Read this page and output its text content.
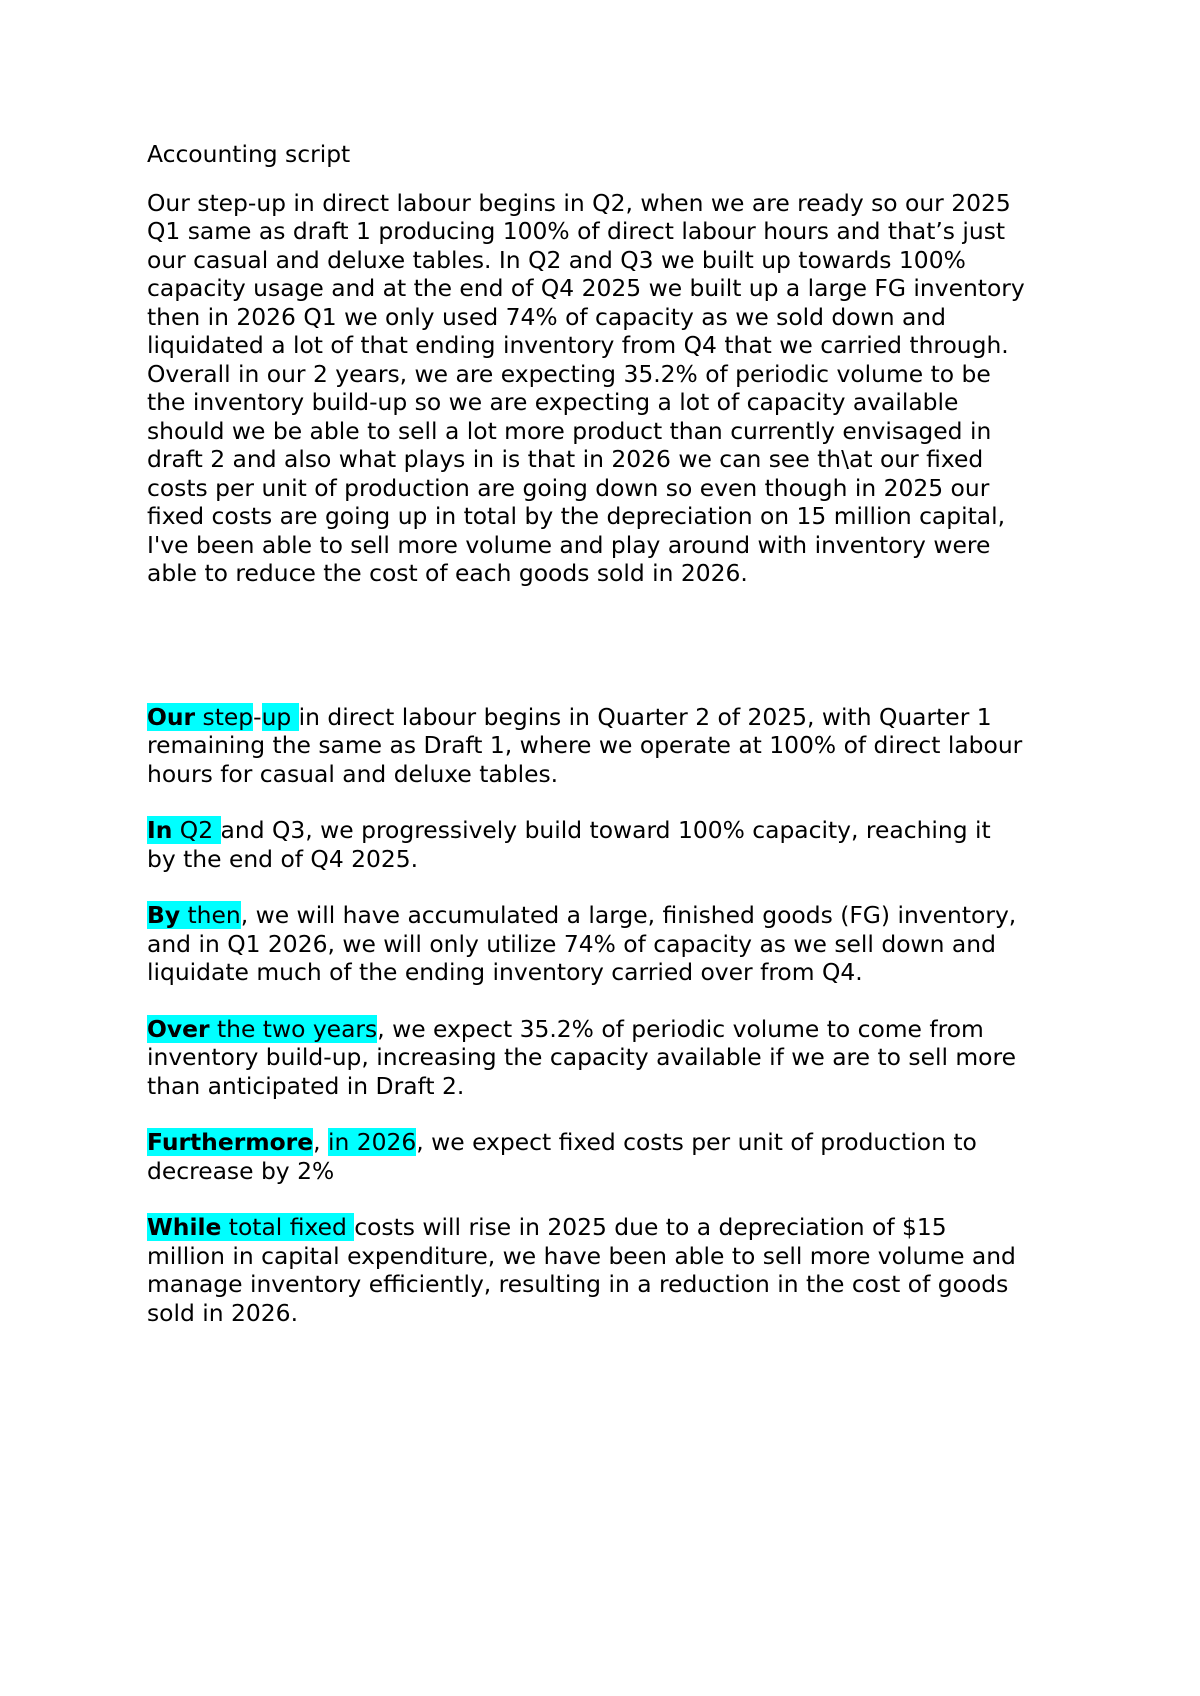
Accounting script

Our step-up in direct labour begins in Q2, when we are ready so our 2025
Q1 same as draft 1 producing 100% of direct labour hours and that’s just
our casual and deluxe tables. In Q2 and Q3 we built up towards 100%
capacity usage and at the end of Q4 2025 we built up a large FG inventory
then in 2026 Q1 we only used 74% of capacity as we sold down and
liquidated a lot of that ending inventory from Q4 that we carried through.
Overall in our 2 years, we are expecting 35.2% of periodic volume to be
the inventory build-up so we are expecting a lot of capacity available
should we be able to sell a lot more product than currently envisaged in
draft 2 and also what plays in is that in 2026 we can see th\at our fixed
costs per unit of production are going down so even though in 2025 our
fixed costs are going up in total by the depreciation on 15 million capital,
I've been able to sell more volume and play around with inventory were
able to reduce the cost of each goods sold in 2026.

Our step-up in direct labour begins in Quarter 2 of 2025, with Quarter 1
remaining the same as Draft 1, where we operate at 100% of direct labour
hours for casual and deluxe tables.

In Q2 and Q3, we progressively build toward 100% capacity, reaching it
by the end of Q4 2025.

By then, we will have accumulated a large, finished goods (FG) inventory,
and in Q1 2026, we will only utilize 74% of capacity as we sell down and
liquidate much of the ending inventory carried over from Q4.

Over the two years, we expect 35.2% of periodic volume to come from
inventory build-up, increasing the capacity available if we are to sell more
than anticipated in Draft 2.

Furthermore, in 2026, we expect fixed costs per unit of production to
decrease by 2%

While total fixed costs will rise in 2025 due to a depreciation of $15
million in capital expenditure, we have been able to sell more volume and
manage inventory efficiently, resulting in a reduction in the cost of goods
sold in 2026.
